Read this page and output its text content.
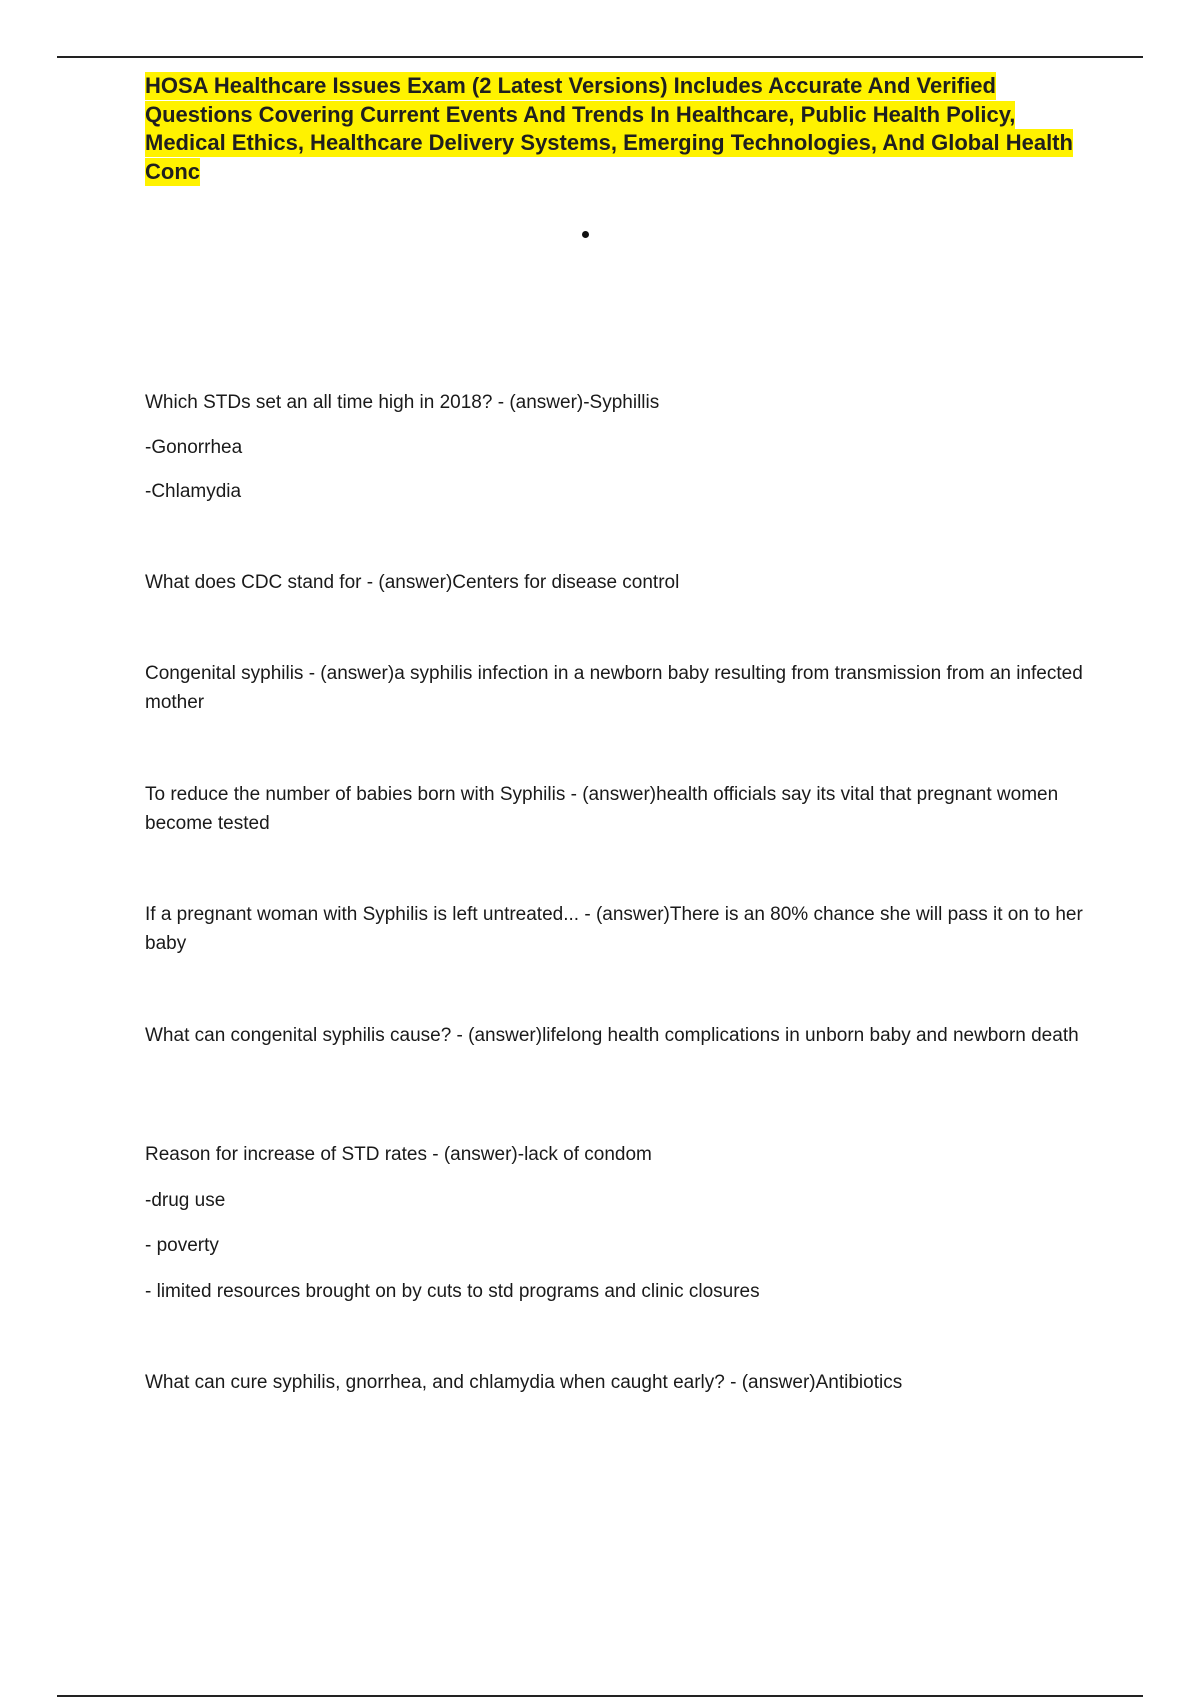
HOSA Healthcare Issues Exam (2 Latest Versions) Includes Accurate And Verified Questions Covering Current Events And Trends In Healthcare, Public Health Policy, Medical Ethics, Healthcare Delivery Systems, Emerging Technologies, And Global Health Conc

Which STDs set an all time high in 2018? - (answer)-Syphillis

-Gonorrhea

-Chlamydia

What does CDC stand for - (answer)Centers for disease control

Congenital syphilis - (answer)a syphilis infection in a newborn baby resulting from transmission from an infected mother

To reduce the number of babies born with Syphilis - (answer)health officials say its vital that pregnant women become tested

If a pregnant woman with Syphilis is left untreated... - (answer)There is an 80% chance she will pass it on to her baby

What can congenital syphilis cause? - (answer)lifelong health complications in unborn baby and newborn death

Reason for increase of STD rates - (answer)-lack of condom

-drug use

- poverty

- limited resources brought on by cuts to std programs and clinic closures

What can cure syphilis, gnorrhea, and chlamydia when caught early? - (answer)Antibiotics
